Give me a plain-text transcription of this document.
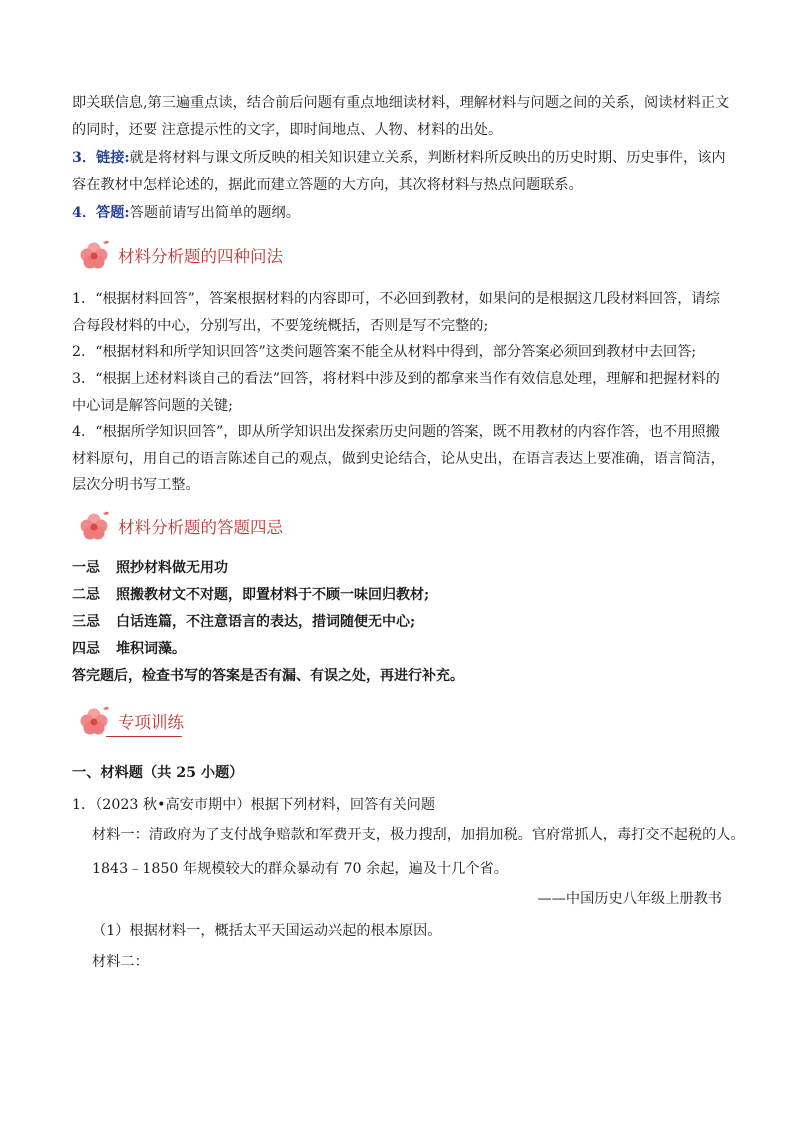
即关联信息,第三遍重点读，结合前后问题有重点地细读材料，理解材料与问题之间的关系，阅读材料正文
的同时，还要 注意提示性的文字，即时间地点、人物、材料的出处。
3．链接:就是将材料与课文所反映的相关知识建立关系，判断材料所反映出的历史时期、历史事件，该内容在教材中怎样论述的，据此而建立答题的大方向，其次将材料与热点问题联系。
4．答题:答题前请写出简单的题纲。
材料分析题的四种问法
1．“根据材料回答”，答案根据材料的内容即可，不必回到教材，如果问的是根据这几段材料回答，请综合每段材料的中心，分别写出，不要笼统概括，否则是写不完整的;
2．“根据材料和所学知识回答”这类问题答案不能全从材料中得到，部分答案必须回到教材中去回答;
3．“根据上述材料谈自己的看法”回答，将材料中涉及到的都拿来当作有效信息处理，理解和把握材料的中心词是解答问题的关键;
4．“根据所学知识回答”，即从所学知识出发探索历史问题的答案，既不用教材的内容作答，也不用照搬材料原句，用自己的语言陈述自己的观点，做到史论结合，论从史出，在语言表达上要准确，语言简洁，层次分明书写工整。
材料分析题的答题四忌
一忌 照抄材料做无用功
二忌 照搬教材文不对题，即置材料于不顾一味回归教材;
三忌 白话连篇，不注意语言的表达，措词随便无中心;
四忌 堆积词藻。
答完题后，检查书写的答案是否有漏、有误之处，再进行补充。
专项训练
一、材料题（共 25 小题）
1．（2023 秋•高安市期中）根据下列材料，回答有关问题
材料一：清政府为了支付战争赔款和军费开支，极力搜刮，加捐加税。官府常抓人，毒打交不起税的人。
1843﹣1850 年规模较大的群众暴动有 70 余起，遍及十几个省。
——中国历史八年级上册教书
（1）根据材料一，概括太平天国运动兴起的根本原因。
材料二：
